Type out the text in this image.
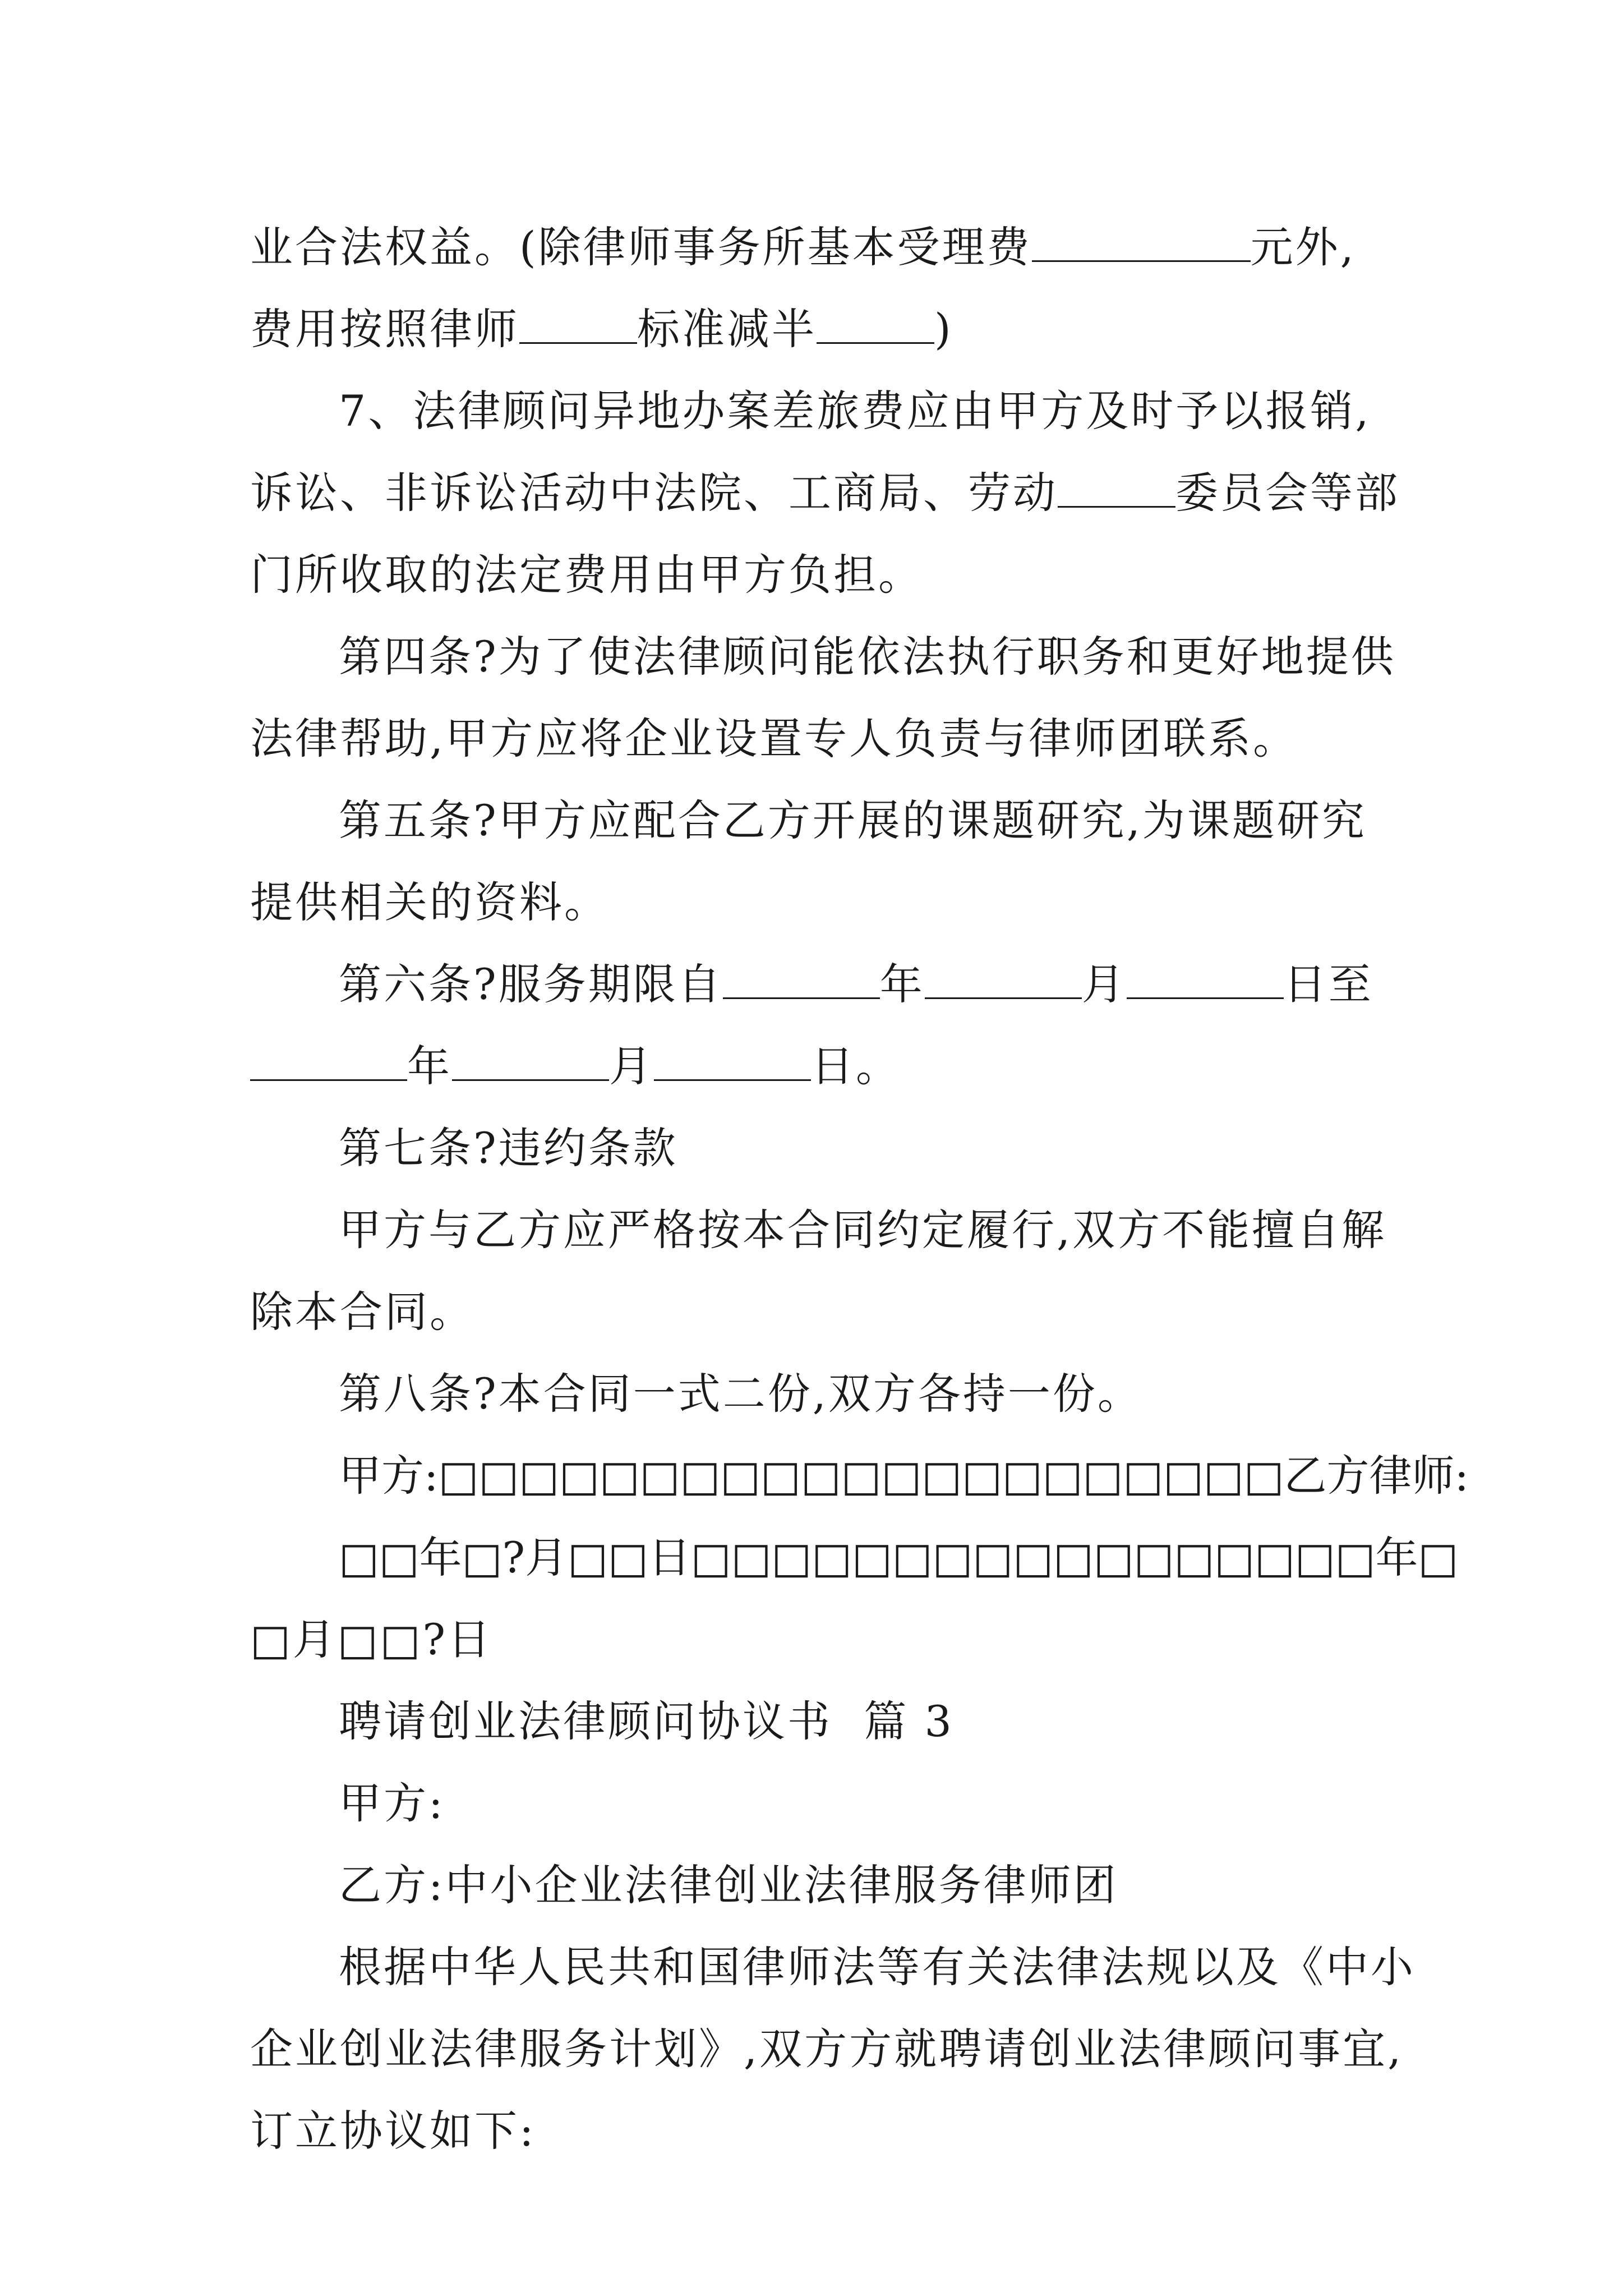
业合法权益。(除律师事务所基本受理费	元外,
费用按照律师	标准减半	)
7、法律顾问异地办案差旅费应由甲方及时予以报销,
诉讼、非诉讼活动中法院、工商局、劳动	委员会等部
门所收取的法定费用由甲方负担。
第四条?为了使法律顾问能依法执行职务和更好地提供
法律帮助,甲方应将企业设置专人负责与律师团联系。
第五条?甲方应配合乙方开展的课题研究,为课题研究
提供相关的资料。
第六条?服务期限自	年	月	日至
年	月	日。
第七条?违约条款
甲方与乙方应严格按本合同约定履行,双方不能擅自解
除本合同。
第八条?本合同一式二份,双方各持一份。
甲方:□□□□□□□□□□□□□□□□□□□□□乙方律师:
□□年□?月□□日□□□□□□□□□□□□□□□□□年□
□月□□?日
聘请创业法律顾问协议书  篇 3
甲方:
乙方:中小企业法律创业法律服务律师团
根据中华人民共和国律师法等有关法律法规以及《中小
企业创业法律服务计划》,双方方就聘请创业法律顾问事宜,
订立协议如下:
